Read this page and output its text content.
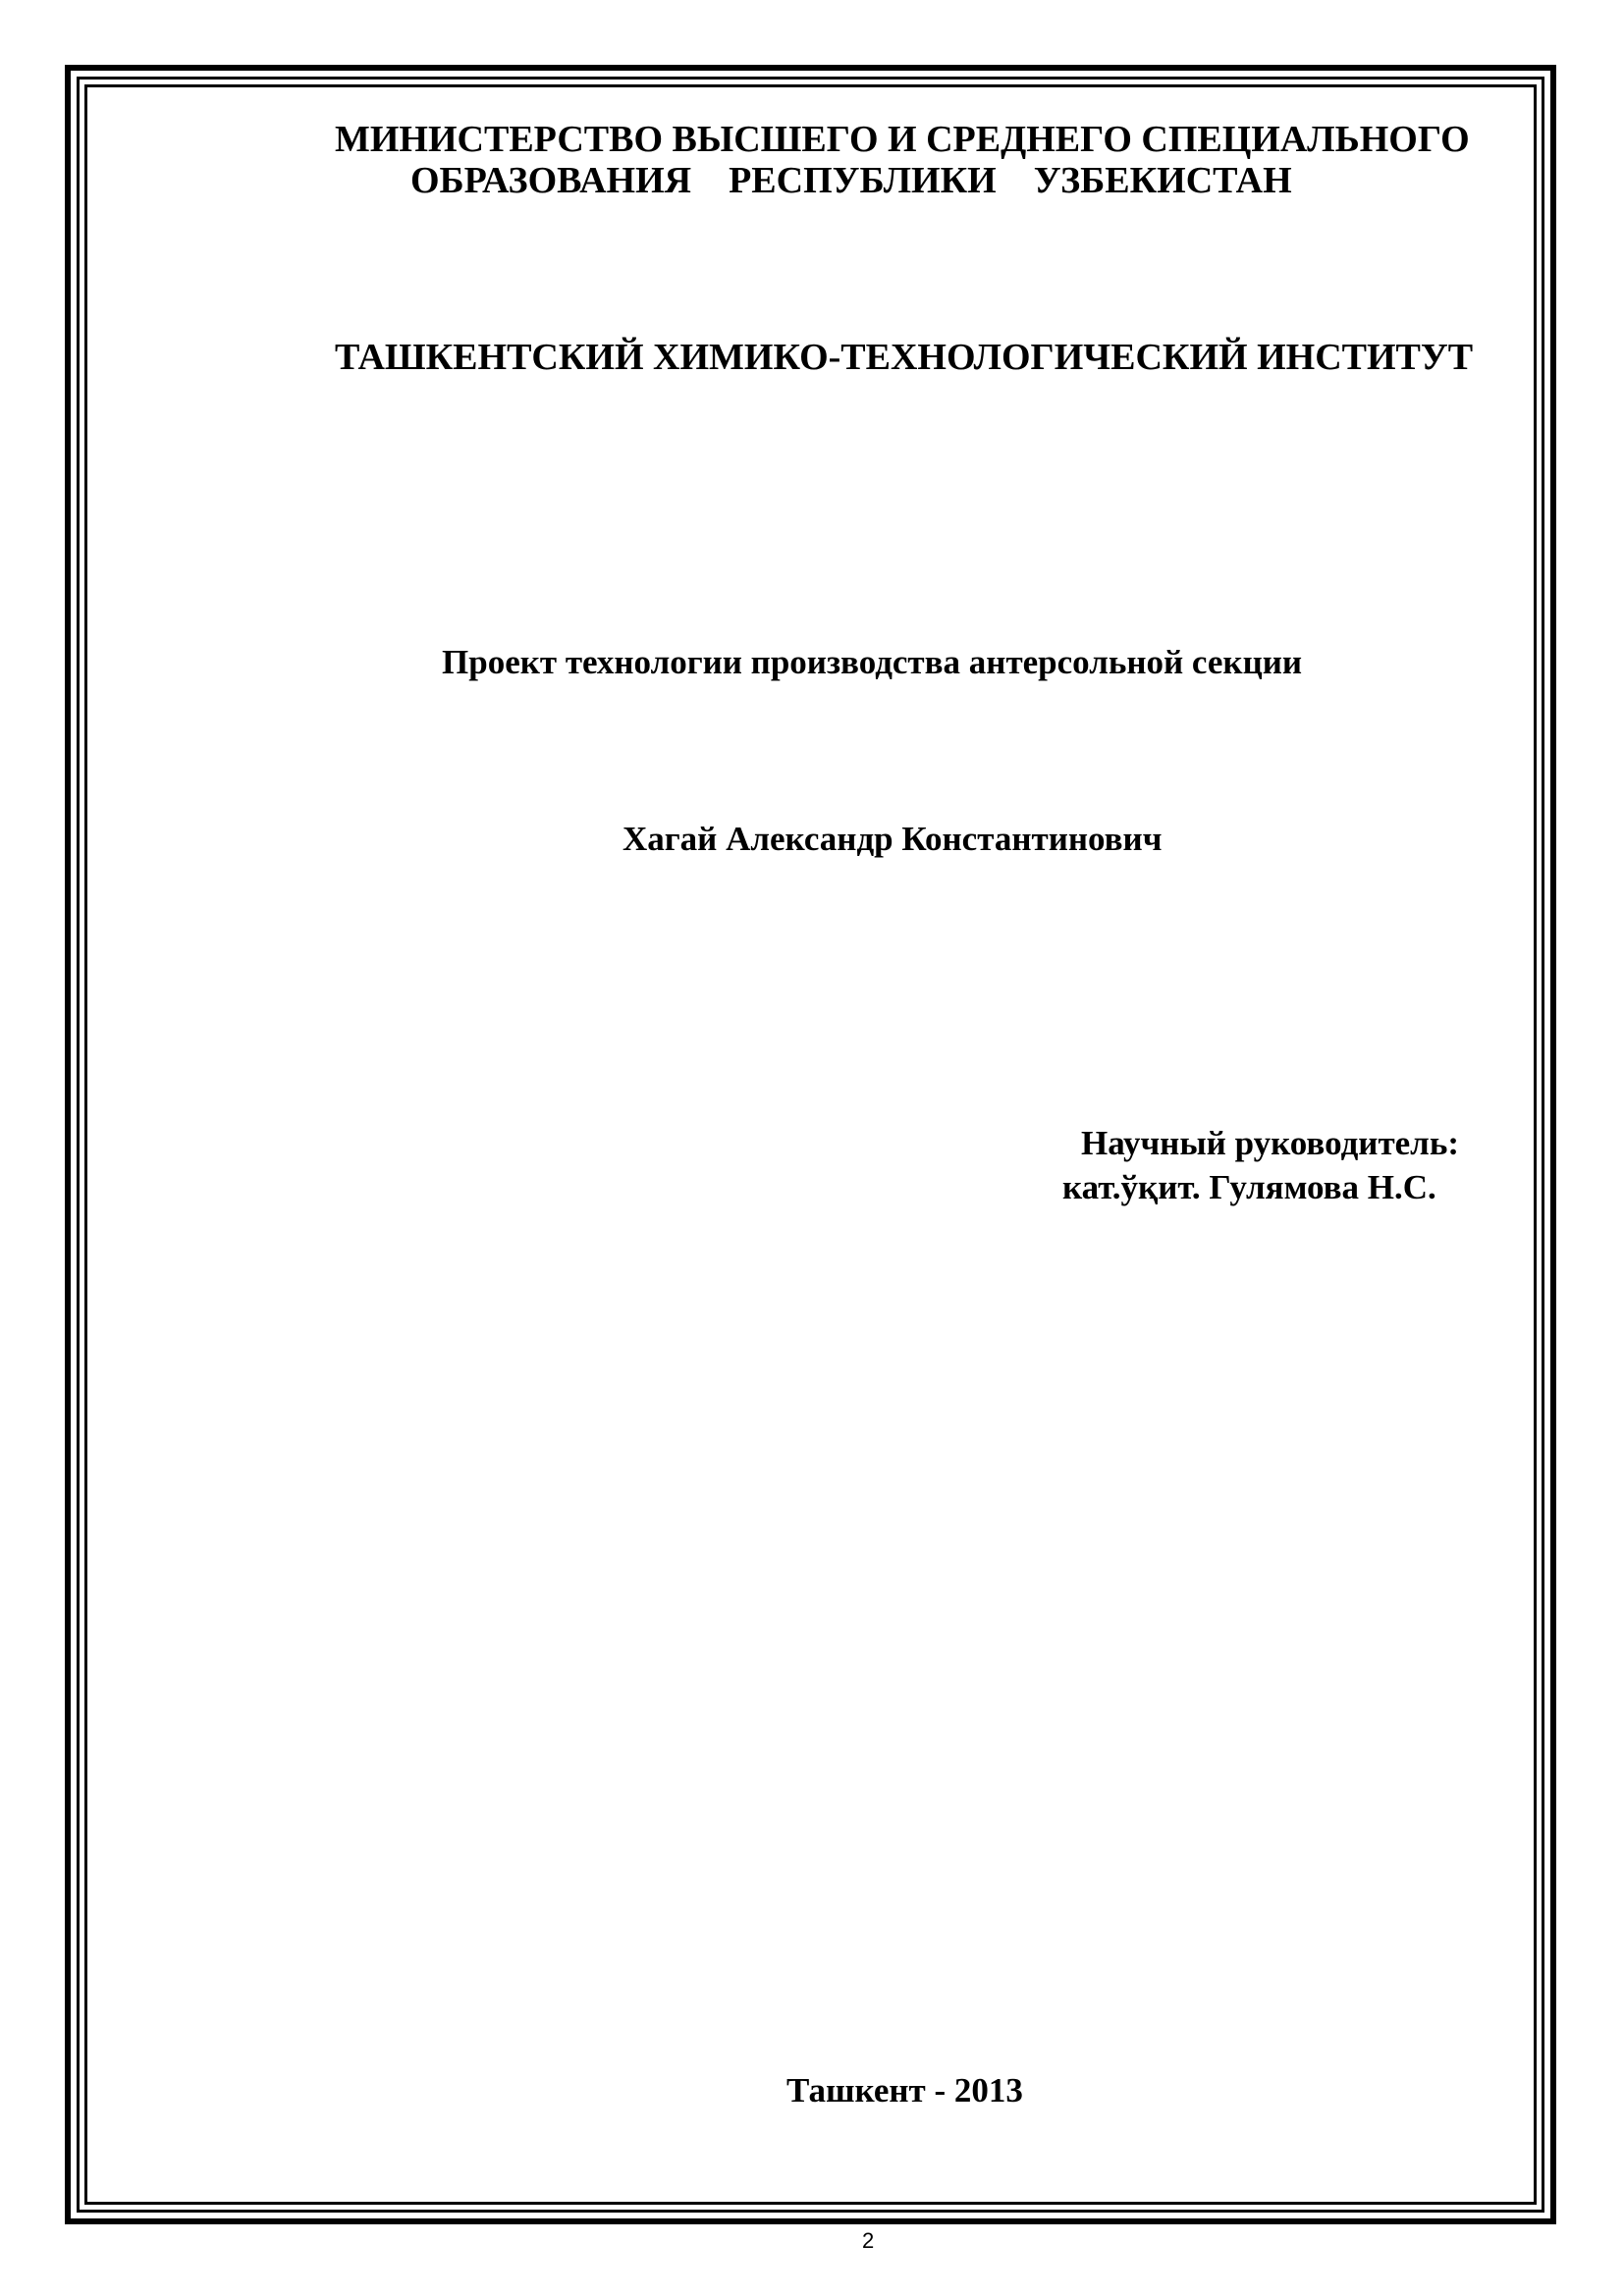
МИНИСТЕРСТВО ВЫСШЕГО И СРЕДНЕГО СПЕЦИАЛЬНОГО

ОБРАЗОВАНИЯ    РЕСПУБЛИКИ    УЗБЕКИСТАН

ТАШКЕНТСКИЙ ХИМИКО-ТЕХНОЛОГИЧЕСКИЙ ИНСТИТУТ

Проект технологии производства антерсольной секции

Хагай Александр Константинович

Научный руководитель:

кат.ўқит. Гулямова Н.С.

Ташкент - 2013

2
